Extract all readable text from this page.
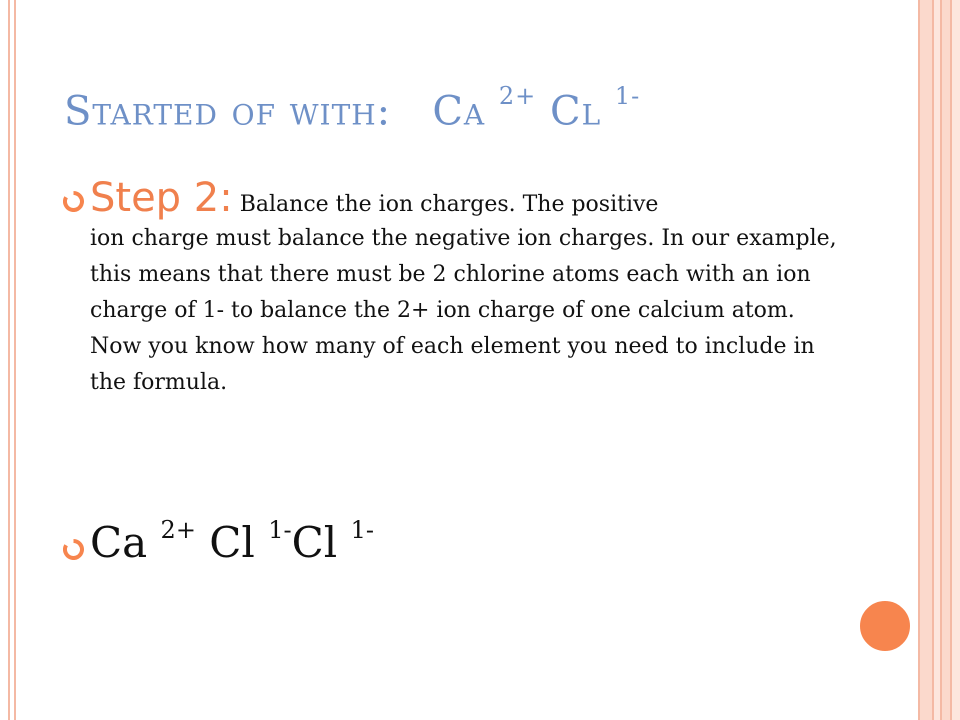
Started of with: Ca $^{2+}$ Cl $^{1-}$
Step 2: Balance the ion charges. The positive
ion charge must balance the negative ion charges. In our example, this means that there must be 2 chlorine atoms each with an ion charge of 1- to balance the 2+ ion charge of one calcium atom. Now you know how many of each element you need to include in the formula.
Ca $^{2+}$ Cl $^{1-}$Cl $^{1-}$
